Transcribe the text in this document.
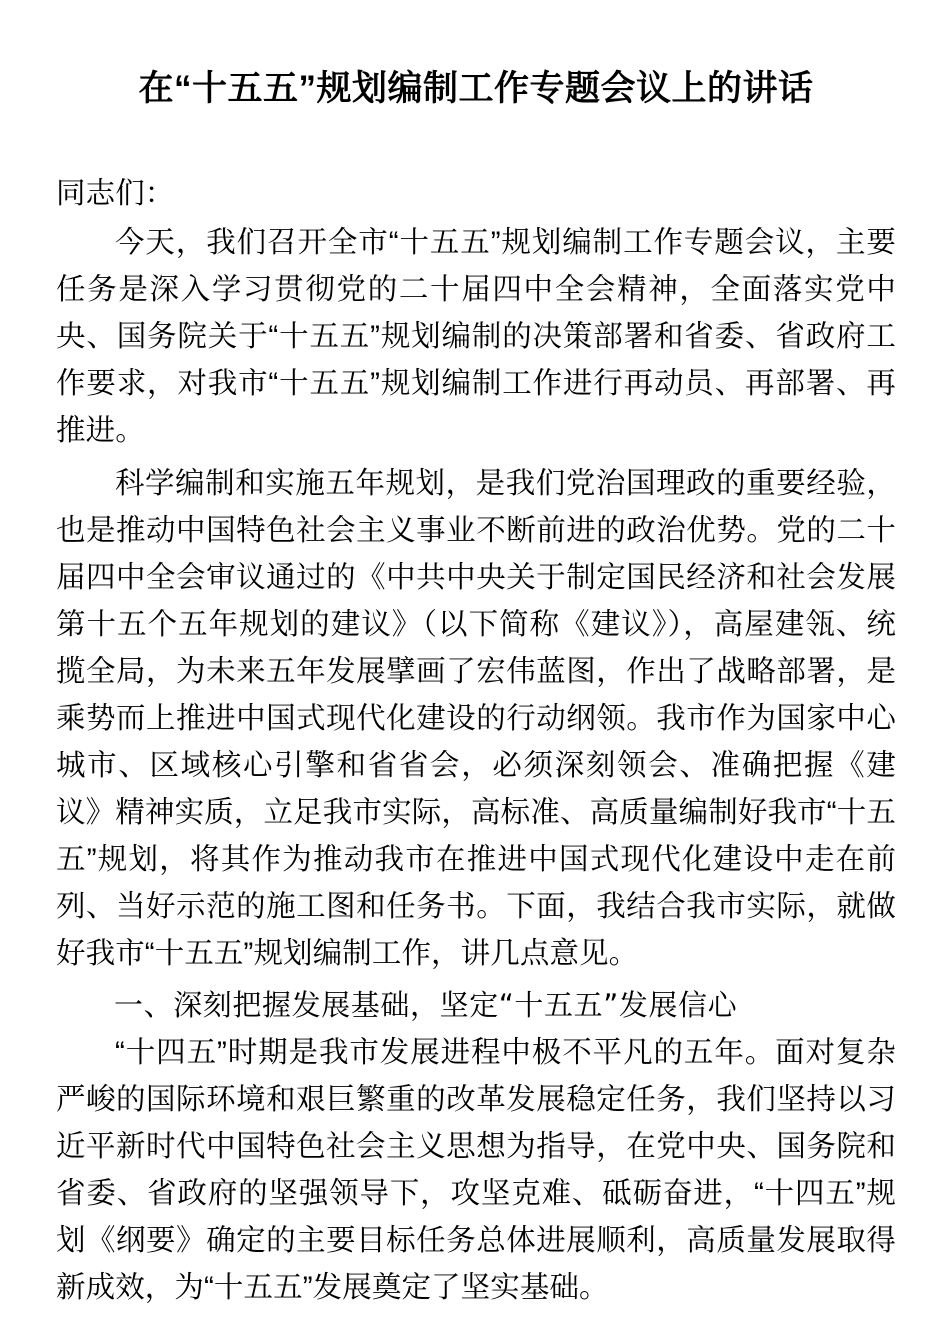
在“十五五”规划编制工作专题会议上的讲话

同志们：

今天，我们召开全市“十五五”规划编制工作专题会议，主要任务是深入学习贯彻党的二十届四中全会精神，全面落实党中央、国务院关于“十五五”规划编制的决策部署和省委、省政府工作要求，对我市“十五五”规划编制工作进行再动员、再部署、再推进。

科学编制和实施五年规划，是我们党治国理政的重要经验，也是推动中国特色社会主义事业不断前进的政治优势。党的二十届四中全会审议通过的《中共中央关于制定国民经济和社会发展第十五个五年规划的建议》（以下简称《建议》），高屋建瓴、统揽全局，为未来五年发展擘画了宏伟蓝图，作出了战略部署，是乘势而上推进中国式现代化建设的行动纲领。我市作为国家中心城市、区域核心引擎和省省会，必须深刻领会、准确把握《建议》精神实质，立足我市实际，高标准、高质量编制好我市“十五五”规划，将其作为推动我市在推进中国式现代化建设中走在前列、当好示范的施工图和任务书。下面，我结合我市实际，就做好我市“十五五”规划编制工作，讲几点意见。

一、深刻把握发展基础，坚定“十五五”发展信心

“十四五”时期是我市发展进程中极不平凡的五年。面对复杂严峻的国际环境和艰巨繁重的改革发展稳定任务，我们坚持以习近平新时代中国特色社会主义思想为指导，在党中央、国务院和省委、省政府的坚强领导下，攻坚克难、砥砺奋进，“十四五”规划《纲要》确定的主要目标任务总体进展顺利，高质量发展取得新成效，为“十五五”发展奠定了坚实基础。
